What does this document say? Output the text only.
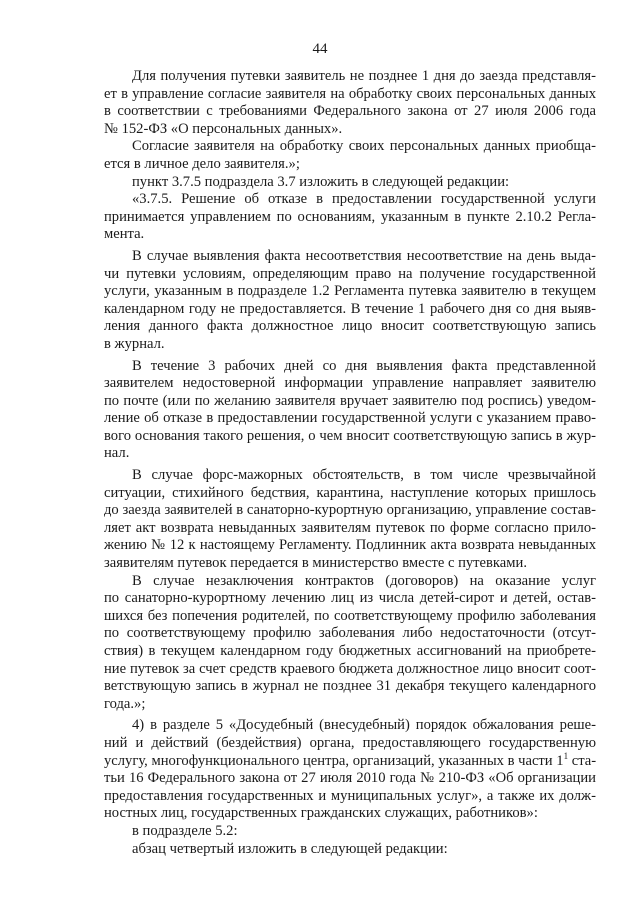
44
Для получения путевки заявитель не позднее 1 дня до заезда представля-
ет в управление согласие заявителя на обработку своих персональных данных
в соответствии с требованиями Федерального закона от 27 июля 2006 года
№ 152-ФЗ «О персональных данных».
Согласие заявителя на обработку своих персональных данных приобща-
ется в личное дело заявителя.»;
пункт 3.7.5 подраздела 3.7 изложить в следующей редакции:
«3.7.5. Решение об отказе в предоставлении государственной услуги
принимается управлением по основаниям, указанным в пункте 2.10.2 Регла-
мента.
В случае выявления факта несоответствия несоответствие на день выда-
чи путевки условиям, определяющим право на получение государственной
услуги, указанным в подразделе 1.2 Регламента путевка заявителю в текущем
календарном году не предоставляется. В течение 1 рабочего дня со дня выяв-
ления данного факта должностное лицо вносит соответствующую запись
в журнал.
В течение 3 рабочих дней со дня выявления факта представленной
заявителем недостоверной информации управление направляет заявителю
по почте (или по желанию заявителя вручает заявителю под роспись) уведом-
ление об отказе в предоставлении государственной услуги с указанием право-
вого основания такого решения, о чем вносит соответствующую запись в жур-
нал.
В случае форс-мажорных обстоятельств, в том числе чрезвычайной
ситуации, стихийного бедствия, карантина, наступление которых пришлось
до заезда заявителей в санаторно-курортную организацию, управление состав-
ляет акт возврата невыданных заявителям путевок по форме согласно прило-
жению № 12 к настоящему Регламенту. Подлинник акта возврата невыданных
заявителям путевок передается в министерство вместе с путевками.
В случае незаключения контрактов (договоров) на оказание услуг
по санаторно-курортному лечению лиц из числа детей-сирот и детей, остав-
шихся без попечения родителей, по соответствующему профилю заболевания
по соответствующему профилю заболевания либо недостаточности (отсут-
ствия) в текущем календарном году бюджетных ассигнований на приобрете-
ние путевок за счет средств краевого бюджета должностное лицо вносит соот-
ветствующую запись в журнал не позднее 31 декабря текущего календарного
года.»;
4) в разделе 5 «Досудебный (внесудебный) порядок обжалования реше-
ний и действий (бездействия) органа, предоставляющего государственную
услугу, многофункционального центра, организаций, указанных в части $1^1$ ста-
тьи 16 Федерального закона от 27 июля 2010 года № 210-ФЗ «Об организации
предоставления государственных и муниципальных услуг», а также их долж-
ностных лиц, государственных гражданских служащих, работников»:
в подразделе 5.2:
абзац четвертый изложить в следующей редакции:
